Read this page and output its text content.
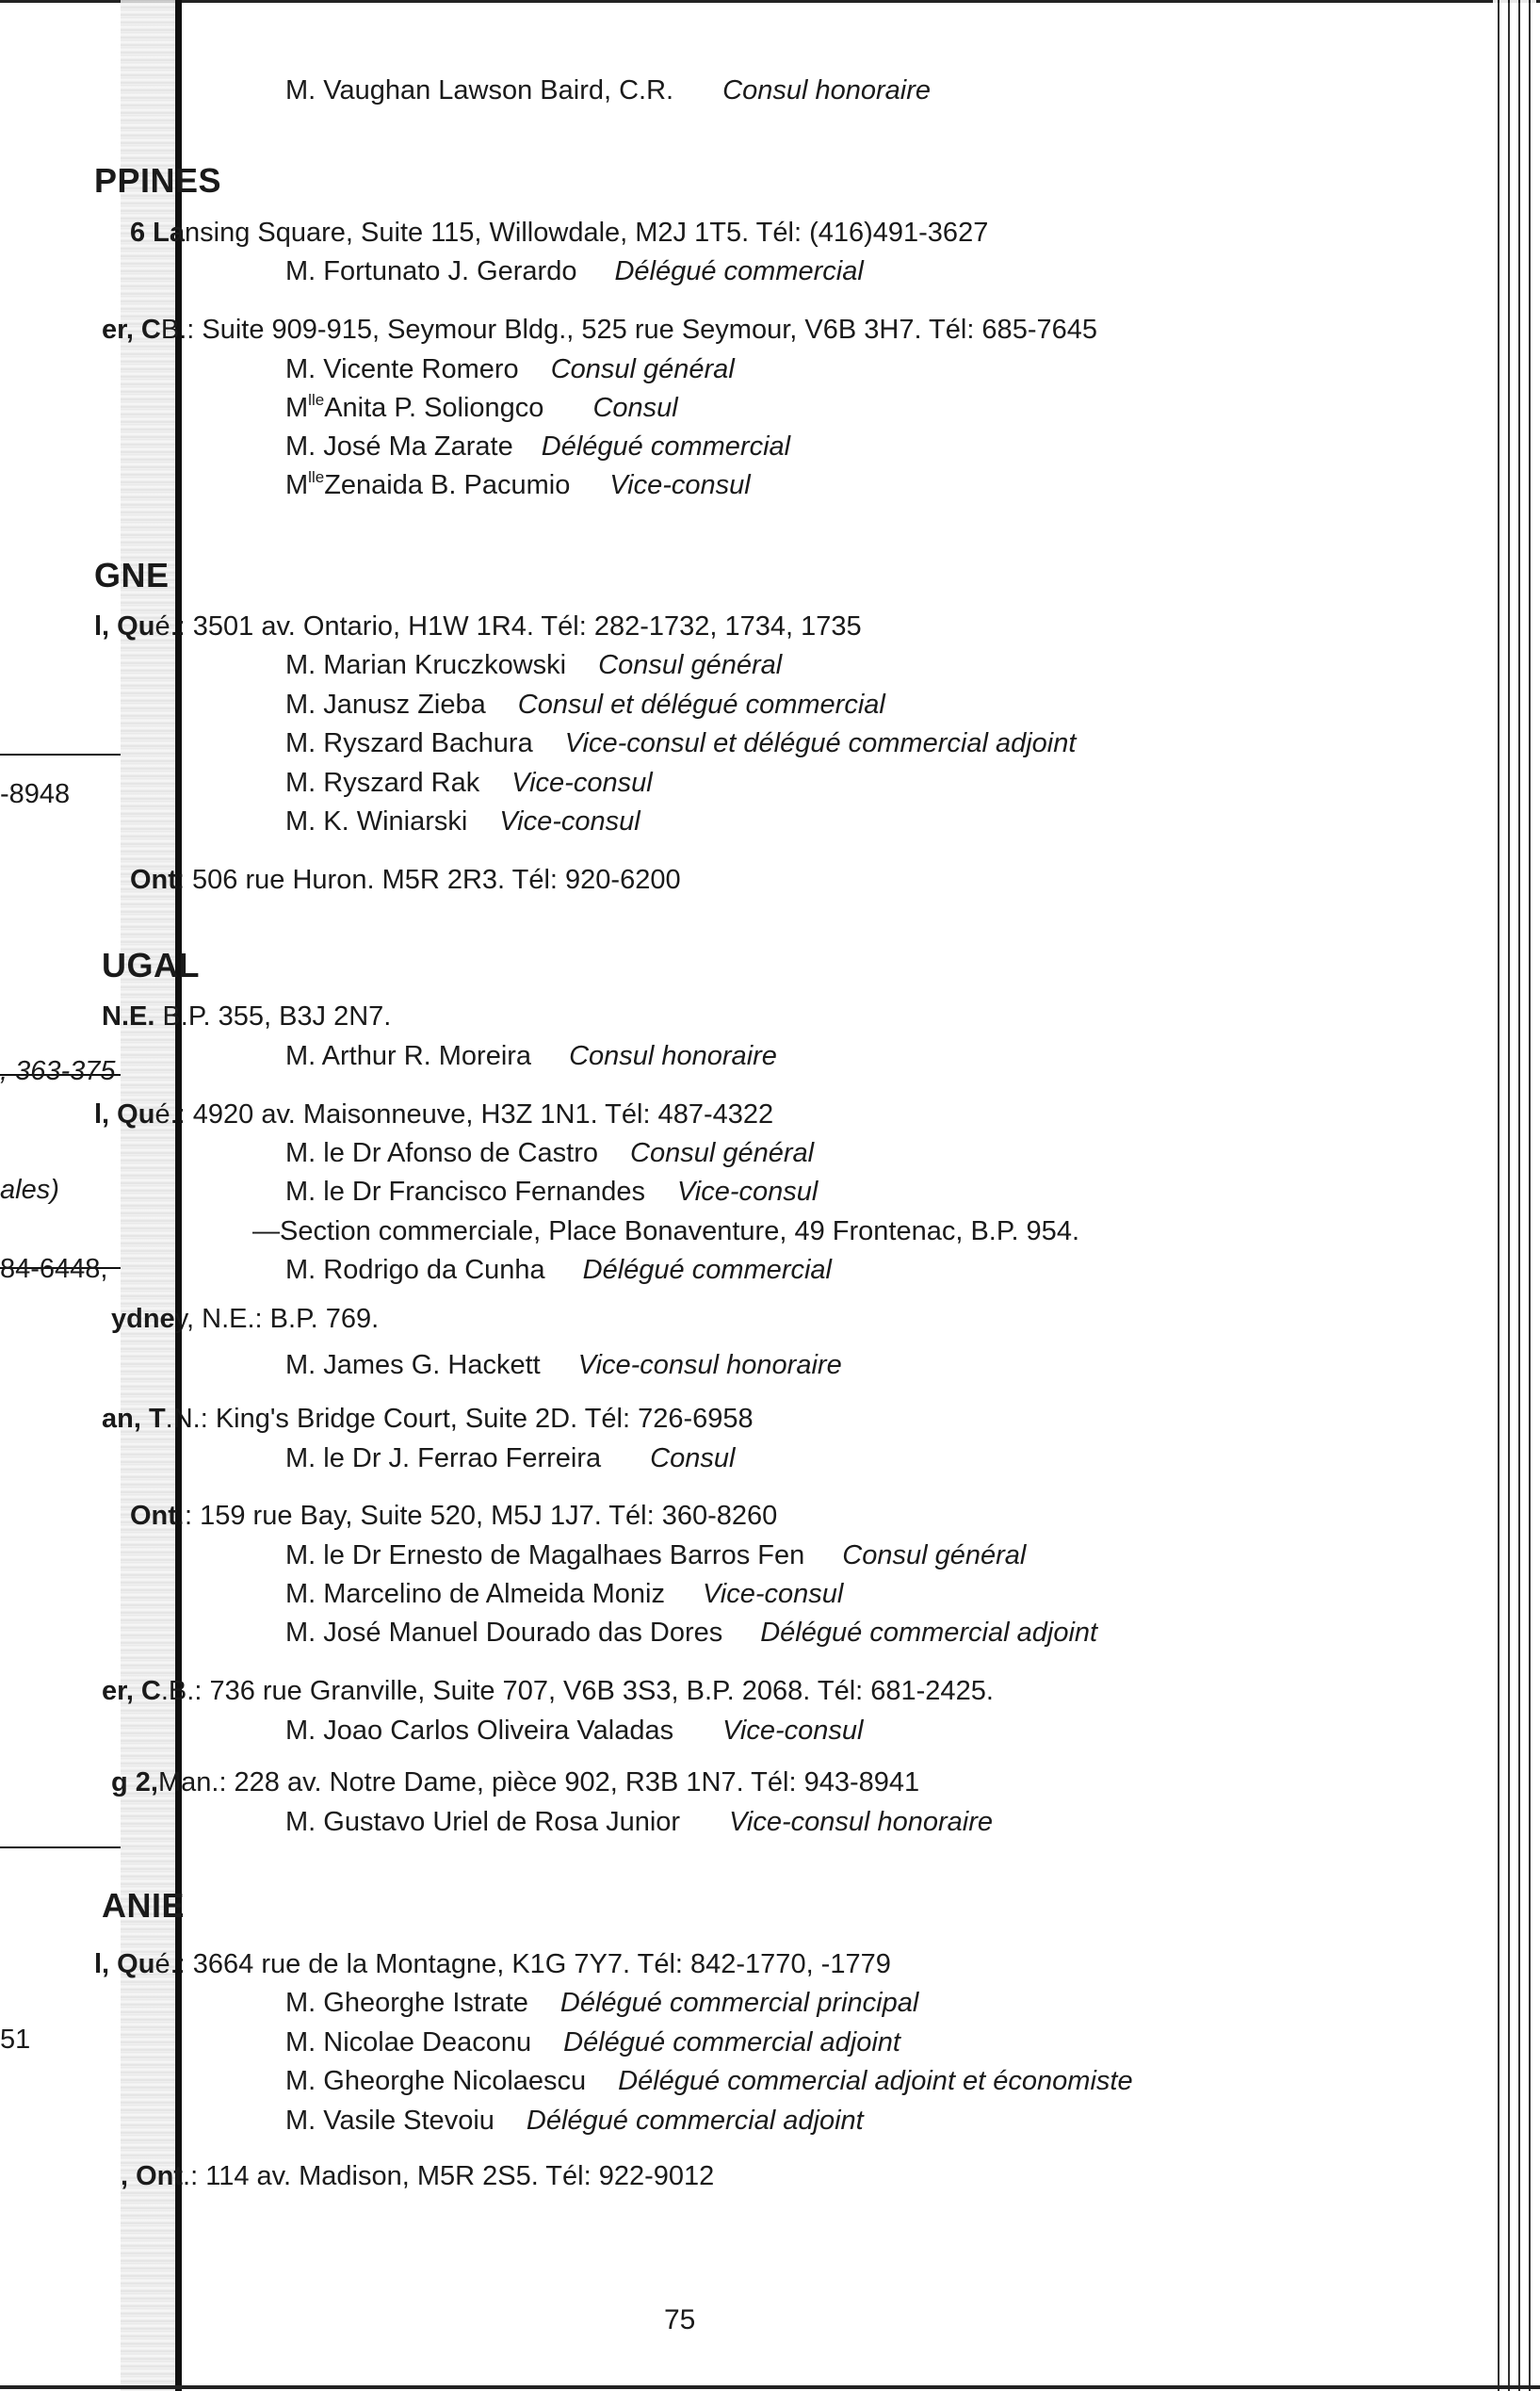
-8948
, 363-375
ales)
84-6448,
51
M. Vaughan Lawson Baird, C.R. Consul honoraire
PPINES
6 Lansing Square, Suite 115, Willowdale, M2J 1T5. Tél: (416)491-3627
M. Fortunato J. Gerardo Délégué commercial
er, CB.: Suite 909-915, Seymour Bldg., 525 rue Seymour, V6B 3H7. Tél: 685-7645
M. Vicente Romero Consul général
$M^{lle}Anita$ P. Soliongco Consul
M. José Ma Zarate Délégué commercial
$M^{lle}Zenaida$ B. Pacumio Vice-consul
GNE
l, Qué.: 3501 av. Ontario, H1W 1R4. Tél: 282-1732, 1734, 1735
M. Marian Kruczkowski Consul général
M. Janusz Zieba Consul et délégué commercial
M. Ryszard Bachura Vice-consul et délégué commercial adjoint
M. Ryszard Rak Vice-consul
M. K. Winiarski Vice-consul
Ont: 506 rue Huron. M5R 2R3. Tél: 920-6200
UGAL
N.E. B.P. 355, B3J 2N7.
M. Arthur R. Moreira Consul honoraire
l, Qué.: 4920 av. Maisonneuve, H3Z 1N1. Tél: 487-4322
M. le Dr Afonso de Castro Consul général
M. le Dr Francisco Fernandes Vice-consul
—Section commerciale, Place Bonaventure, 49 Frontenac, B.P. 954.
M. Rodrigo da Cunha Délégué commercial
ydney, N.E.: B.P. 769.
M. James G. Hackett Vice-consul honoraire
an, T.N.: King's Bridge Court, Suite 2D. Tél: 726-6958
M. le Dr J. Ferrao Ferreira Consul
Ont.: 159 rue Bay, Suite 520, M5J 1J7. Tél: 360-8260
M. le Dr Ernesto de Magalhaes Barros Fen Consul général
M. Marcelino de Almeida Moniz Vice-consul
M. José Manuel Dourado das Dores Délégué commercial adjoint
er, C.B.: 736 rue Granville, Suite 707, V6B 3S3, B.P. 2068. Tél: 681-2425.
M. Joao Carlos Oliveira Valadas Vice-consul
g 2,Man.: 228 av. Notre Dame, pièce 902, R3B 1N7. Tél: 943-8941
M. Gustavo Uriel de Rosa Junior Vice-consul honoraire
ANIE
l, Qué.: 3664 rue de la Montagne, K1G 7Y7. Tél: 842-1770, -1779
M. Gheorghe Istrate Délégué commercial principal
M. Nicolae Deaconu Délégué commercial adjoint
M. Gheorghe Nicolaescu Délégué commercial adjoint et économiste
M. Vasile Stevoiu Délégué commercial adjoint
, Ont.: 114 av. Madison, M5R 2S5. Tél: 922-9012
75
